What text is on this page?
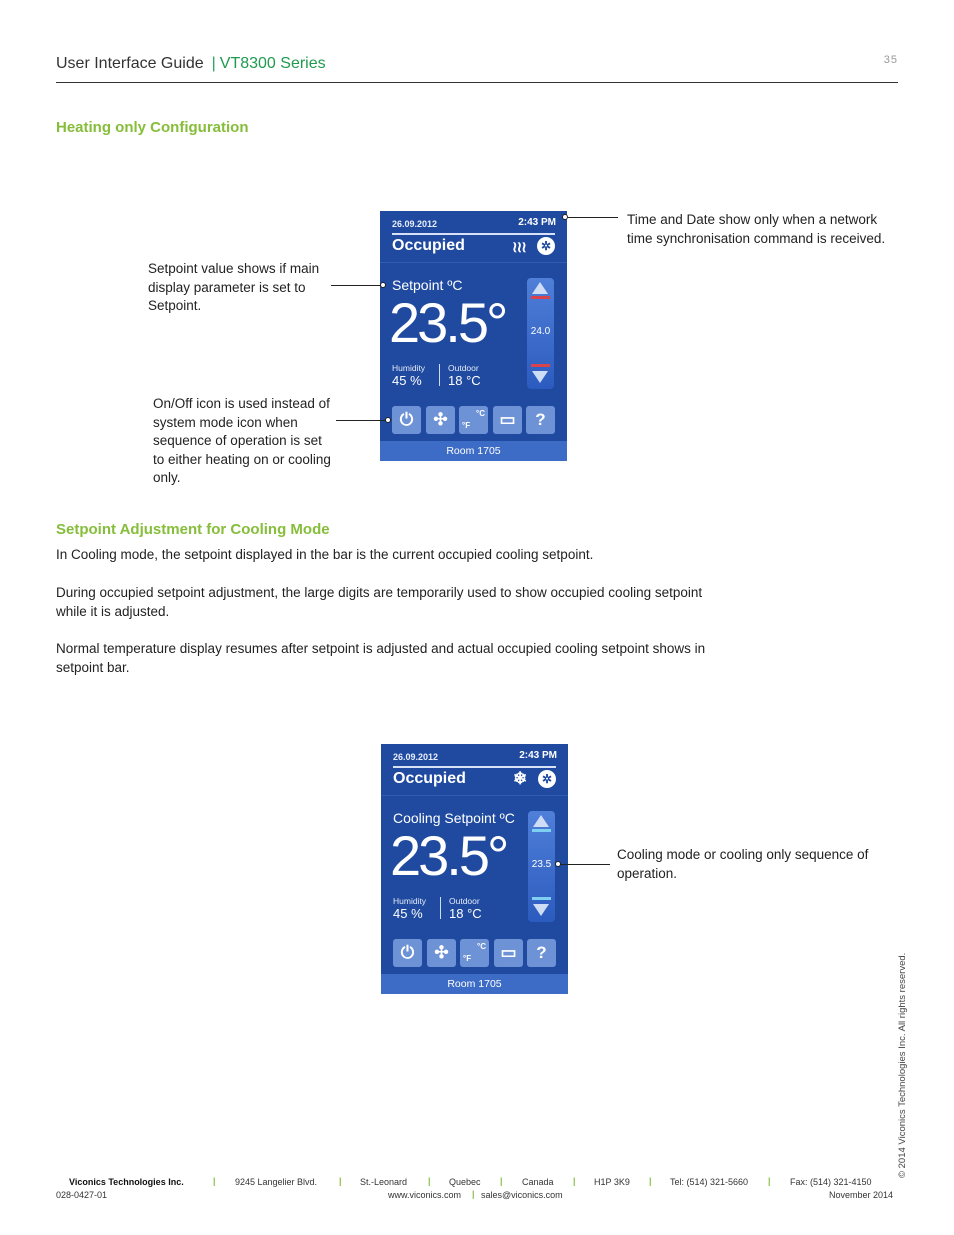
User Interface Guide | VT8300 Series	35
Heating only Configuration
26.09.2012	2:43 PM
Occupied	≀≀≀	✲
Setpoint ºC
23.5°	24.0
Humidity
45 %
Outdoor
18 °C
⏻	✣	°C
°F	▭	?
Room 1705
Time and Date show only when a network time synchronisation command is received.
Setpoint value shows if main display parameter is set to Setpoint.
On/Off icon is used instead of system mode icon when sequence of operation is set to either heating on or cooling only.
Setpoint Adjustment for Cooling Mode
In Cooling mode, the setpoint displayed in the bar is the current occupied cooling setpoint.
During occupied setpoint adjustment, the large digits are temporarily used to show occupied cooling setpoint while it is adjusted.
Normal temperature display resumes after setpoint is adjusted and actual occupied cooling setpoint shows in setpoint bar.
26.09.2012	2:43 PM
Occupied	❄	✲
Cooling Setpoint ºC
23.5°	23.5
Humidity
45 %
Outdoor
18 °C
⏻	✣	°C
°F	▭	?
Room 1705
Cooling mode or cooling only sequence of operation.
© 2014 Viconics Technologies Inc. All rights reserved.
Viconics Technologies Inc.	| 9245 Langelier Blvd. | St.-Leonard | Quebec | Canada | H1P 3K9 | Tel: (514) 321-5660 | Fax: (514) 321-4150
028-0427-01	www.viconics.com | sales@viconics.com	November 2014
